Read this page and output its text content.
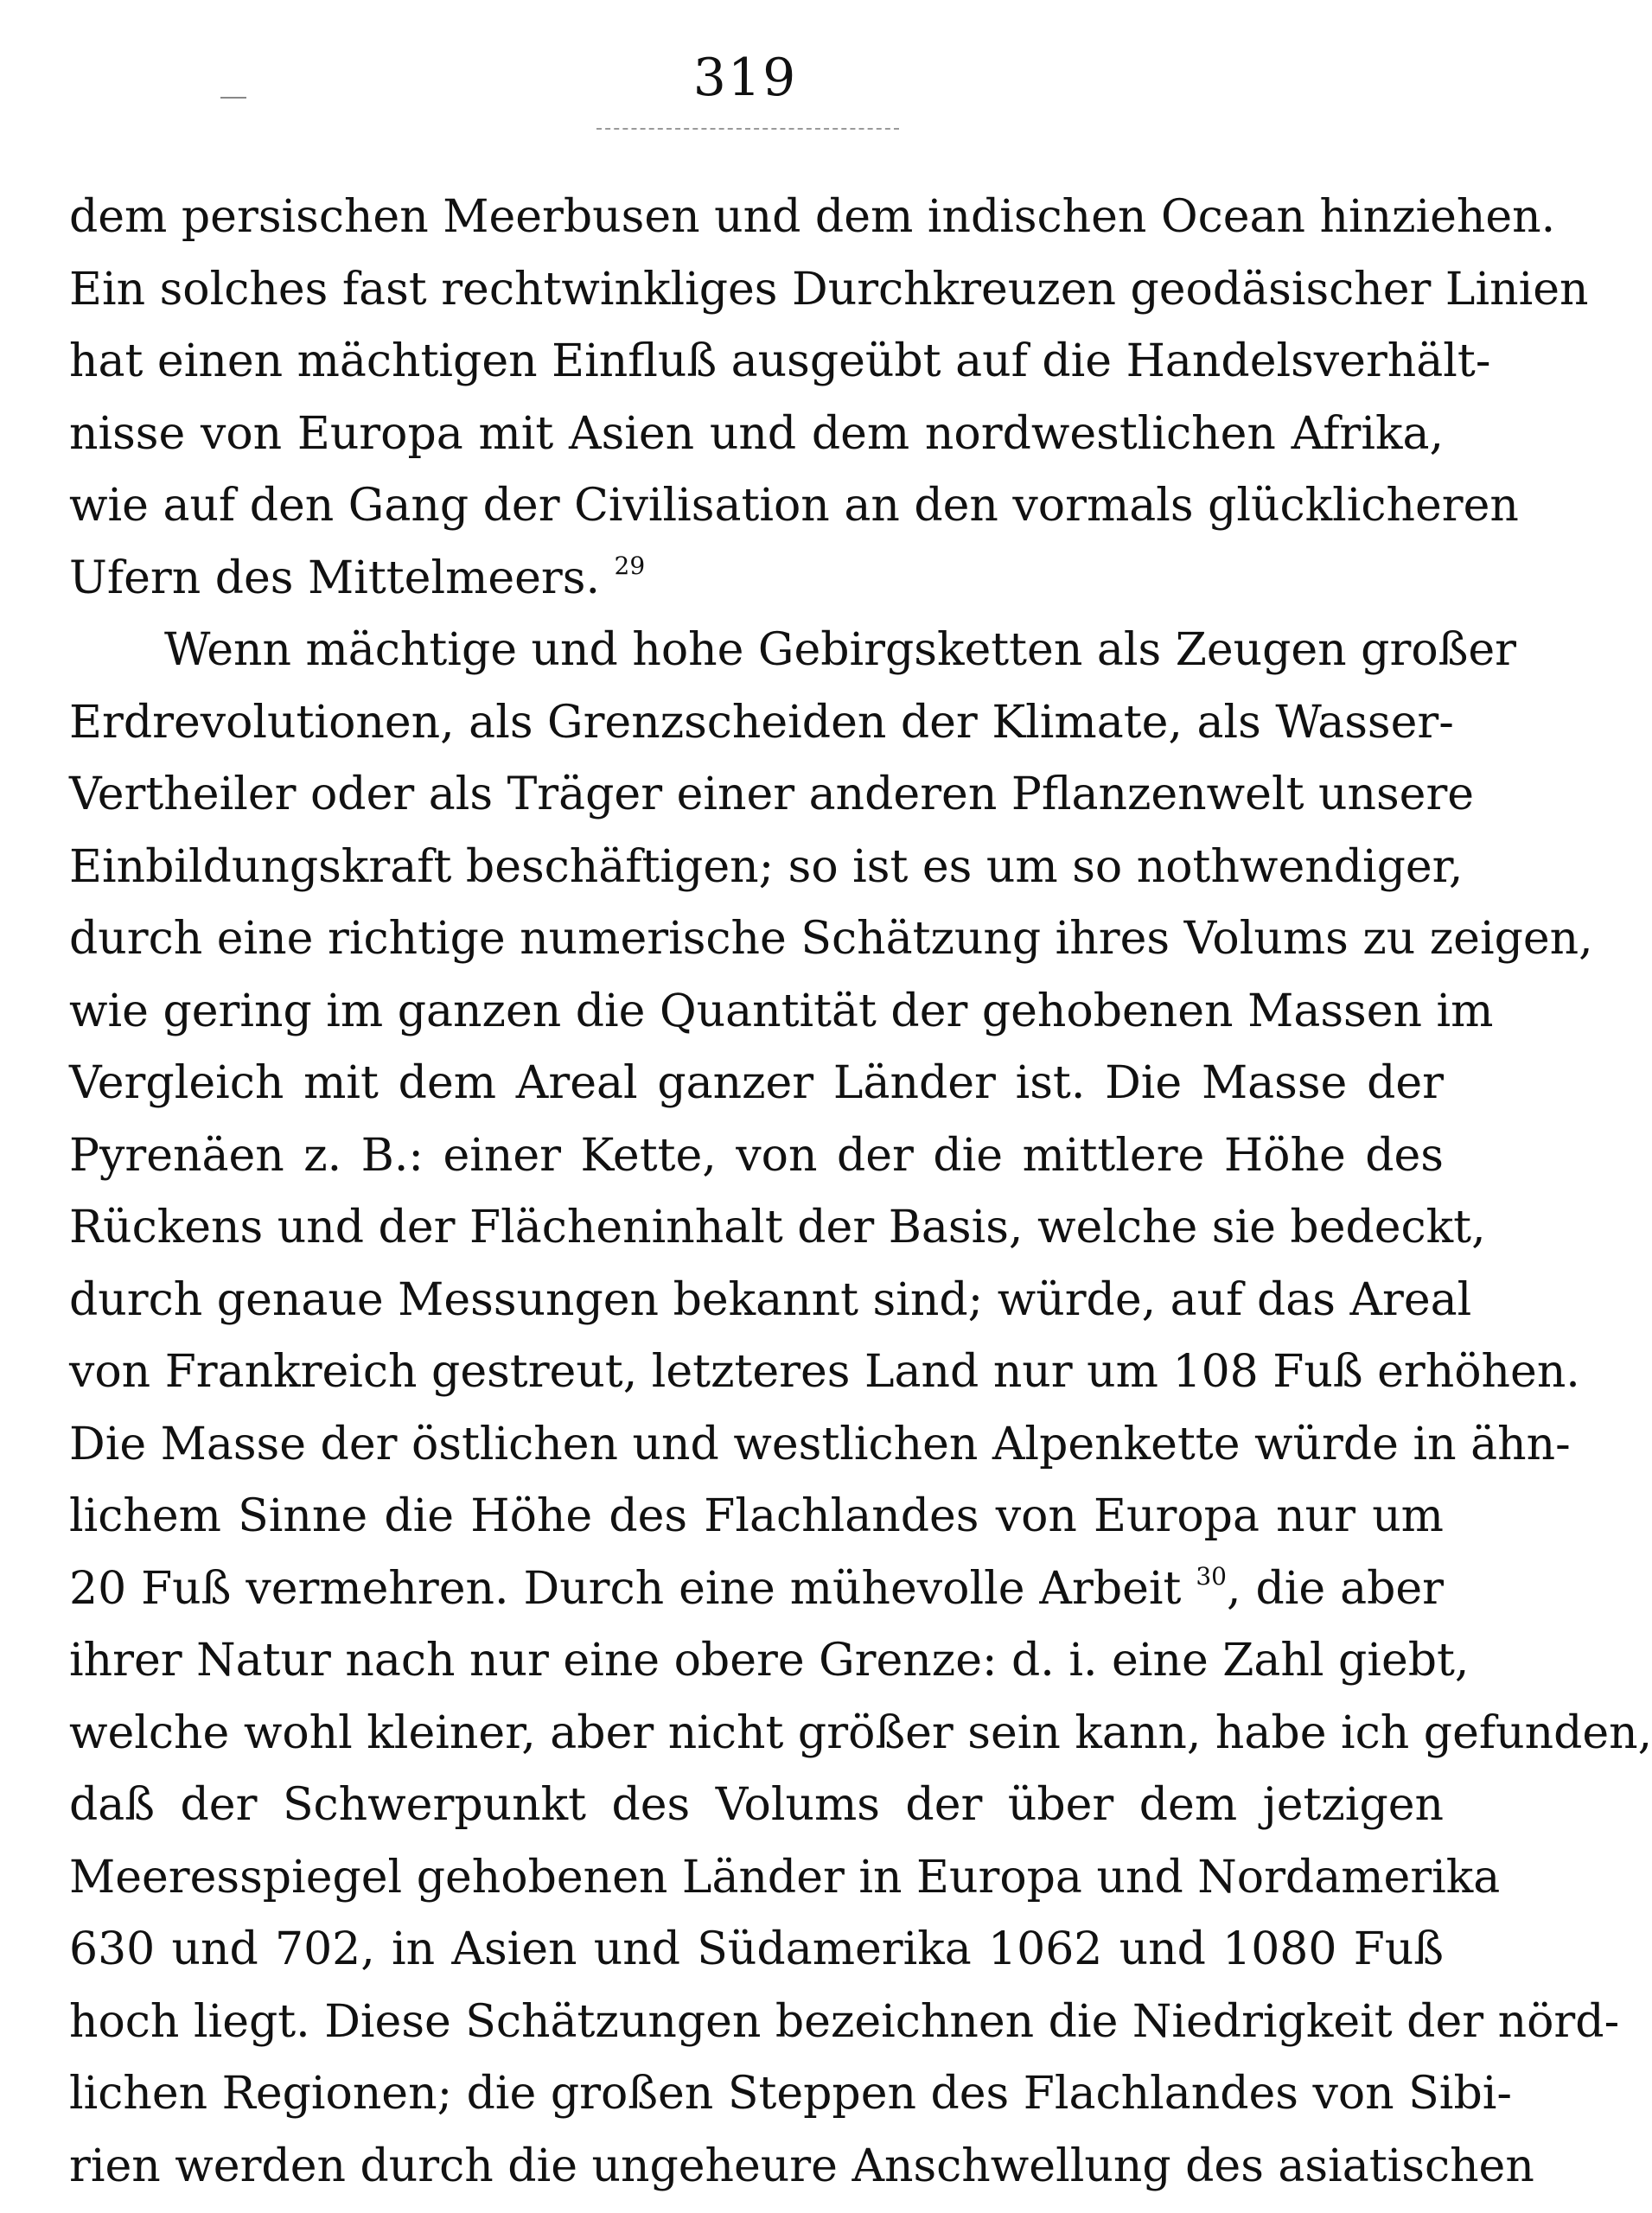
319
dem persischen Meerbusen und dem indischen Ocean hinziehen.
Ein solches fast rechtwinkliges Durchkreuzen geodäsischer Linien
hat einen mächtigen Einfluß ausgeübt auf die Handelsverhält-
nisse von Europa mit Asien und dem nordwestlichen Afrika,
wie auf den Gang der Civilisation an den vormals glücklicheren
Ufern des Mittelmeers. $^{29}$
Wenn mächtige und hohe Gebirgsketten als Zeugen großer
Erdrevolutionen, als Grenzscheiden der Klimate, als Wasser-
Vertheiler oder als Träger einer anderen Pflanzenwelt unsere
Einbildungskraft beschäftigen; so ist es um so nothwendiger,
durch eine richtige numerische Schätzung ihres Volums zu zeigen,
wie gering im ganzen die Quantität der gehobenen Massen im
Vergleich mit dem Areal ganzer Länder ist. Die Masse der
Pyrenäen z. B.: einer Kette, von der die mittlere Höhe des
Rückens und der Flächeninhalt der Basis, welche sie bedeckt,
durch genaue Messungen bekannt sind; würde, auf das Areal
von Frankreich gestreut, letzteres Land nur um 108 Fuß erhöhen.
Die Masse der östlichen und westlichen Alpenkette würde in ähn-
lichem Sinne die Höhe des Flachlandes von Europa nur um
20 Fuß vermehren. Durch eine mühevolle Arbeit $^{30}$, die aber
ihrer Natur nach nur eine obere Grenze: d. i. eine Zahl giebt,
welche wohl kleiner, aber nicht größer sein kann, habe ich gefunden,
daß der Schwerpunkt des Volums der über dem jetzigen
Meeresspiegel gehobenen Länder in Europa und Nordamerika
630 und 702, in Asien und Südamerika 1062 und 1080 Fuß
hoch liegt. Diese Schätzungen bezeichnen die Niedrigkeit der nörd-
lichen Regionen; die großen Steppen des Flachlandes von Sibi-
rien werden durch die ungeheure Anschwellung des asiatischen
